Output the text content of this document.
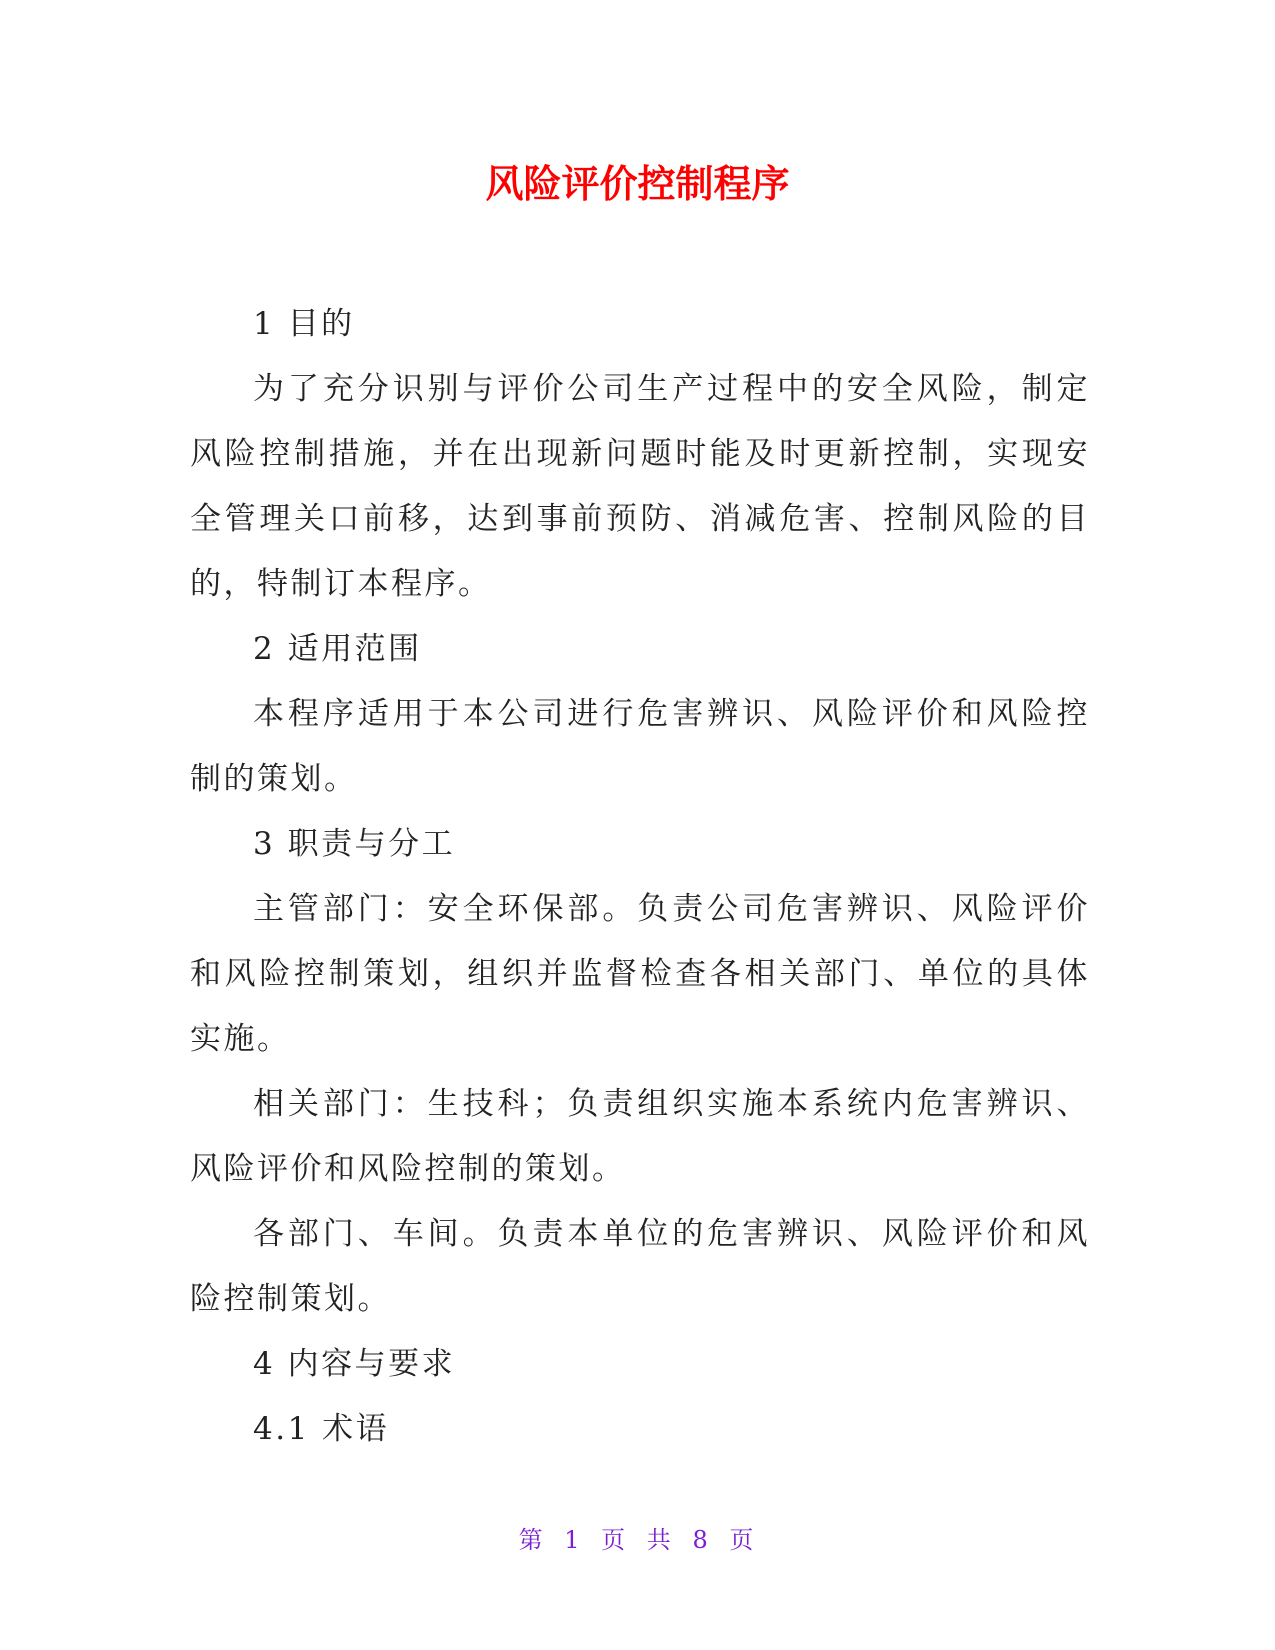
风险评价控制程序

1 目的

为了充分识别与评价公司生产过程中的安全风险，制定风险控制措施，并在出现新问题时能及时更新控制，实现安全管理关口前移，达到事前预防、消减危害、控制风险的目的，特制订本程序。

2 适用范围

本程序适用于本公司进行危害辨识、风险评价和风险控制的策划。

3 职责与分工

主管部门：安全环保部。负责公司危害辨识、风险评价和风险控制策划，组织并监督检查各相关部门、单位的具体实施。

相关部门：生技科；负责组织实施本系统内危害辨识、风险评价和风险控制的策划。

各部门、车间。负责本单位的危害辨识、风险评价和风险控制策划。

4 内容与要求

4.1 术语

第 1 页 共 8 页
